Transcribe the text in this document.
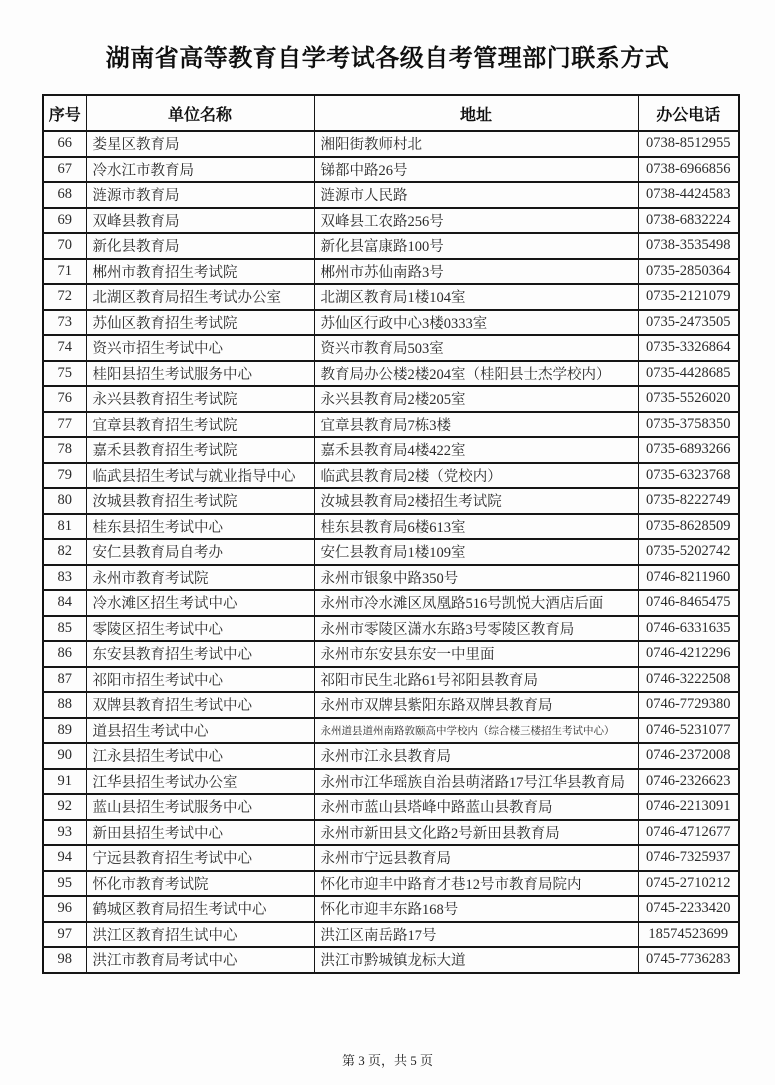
湖南省高等教育自学考试各级自考管理部门联系方式
序号	单位名称	地址	办公电话
66	娄星区教育局	湘阳街教师村北	0738-8512955
67	冷水江市教育局	锑都中路26号	0738-6966856
68	涟源市教育局	涟源市人民路	0738-4424583
69	双峰县教育局	双峰县工农路256号	0738-6832224
70	新化县教育局	新化县富康路100号	0738-3535498
71	郴州市教育招生考试院	郴州市苏仙南路3号	0735-2850364
72	北湖区教育局招生考试办公室	北湖区教育局1楼104室	0735-2121079
73	苏仙区教育招生考试院	苏仙区行政中心3楼0333室	0735-2473505
74	资兴市招生考试中心	资兴市教育局503室	0735-3326864
75	桂阳县招生考试服务中心	教育局办公楼2楼204室（桂阳县士杰学校内）	0735-4428685
76	永兴县教育招生考试院	永兴县教育局2楼205室	0735-5526020
77	宜章县教育招生考试院	宜章县教育局7栋3楼	0735-3758350
78	嘉禾县教育招生考试院	嘉禾县教育局4楼422室	0735-6893266
79	临武县招生考试与就业指导中心	临武县教育局2楼（党校内）	0735-6323768
80	汝城县教育招生考试院	汝城县教育局2楼招生考试院	0735-8222749
81	桂东县招生考试中心	桂东县教育局6楼613室	0735-8628509
82	安仁县教育局自考办	安仁县教育局1楼109室	0735-5202742
83	永州市教育考试院	永州市银象中路350号	0746-8211960
84	冷水滩区招生考试中心	永州市冷水滩区凤凰路516号凯悦大酒店后面	0746-8465475
85	零陵区招生考试中心	永州市零陵区潇水东路3号零陵区教育局	0746-6331635
86	东安县教育招生考试中心	永州市东安县东安一中里面	0746-4212296
87	祁阳市招生考试中心	祁阳市民生北路61号祁阳县教育局	0746-3222508
88	双牌县教育招生考试中心	永州市双牌县紫阳东路双牌县教育局	0746-7729380
89	道县招生考试中心	永州道县道州南路敦颐高中学校内（综合楼三楼招生考试中心）	0746-5231077
90	江永县招生考试中心	永州市江永县教育局	0746-2372008
91	江华县招生考试办公室	永州市江华瑶族自治县萌渚路17号江华县教育局	0746-2326623
92	蓝山县招生考试服务中心	永州市蓝山县塔峰中路蓝山县教育局	0746-2213091
93	新田县招生考试中心	永州市新田县文化路2号新田县教育局	0746-4712677
94	宁远县教育招生考试中心	永州市宁远县教育局	0746-7325937
95	怀化市教育考试院	怀化市迎丰中路育才巷12号市教育局院内	0745-2710212
96	鹤城区教育局招生考试中心	怀化市迎丰东路168号	0745-2233420
97	洪江区教育招生试中心	洪江区南岳路17号	18574523699
98	洪江市教育局考试中心	洪江市黔城镇龙标大道	0745-7736283
第 3 页，共 5 页
